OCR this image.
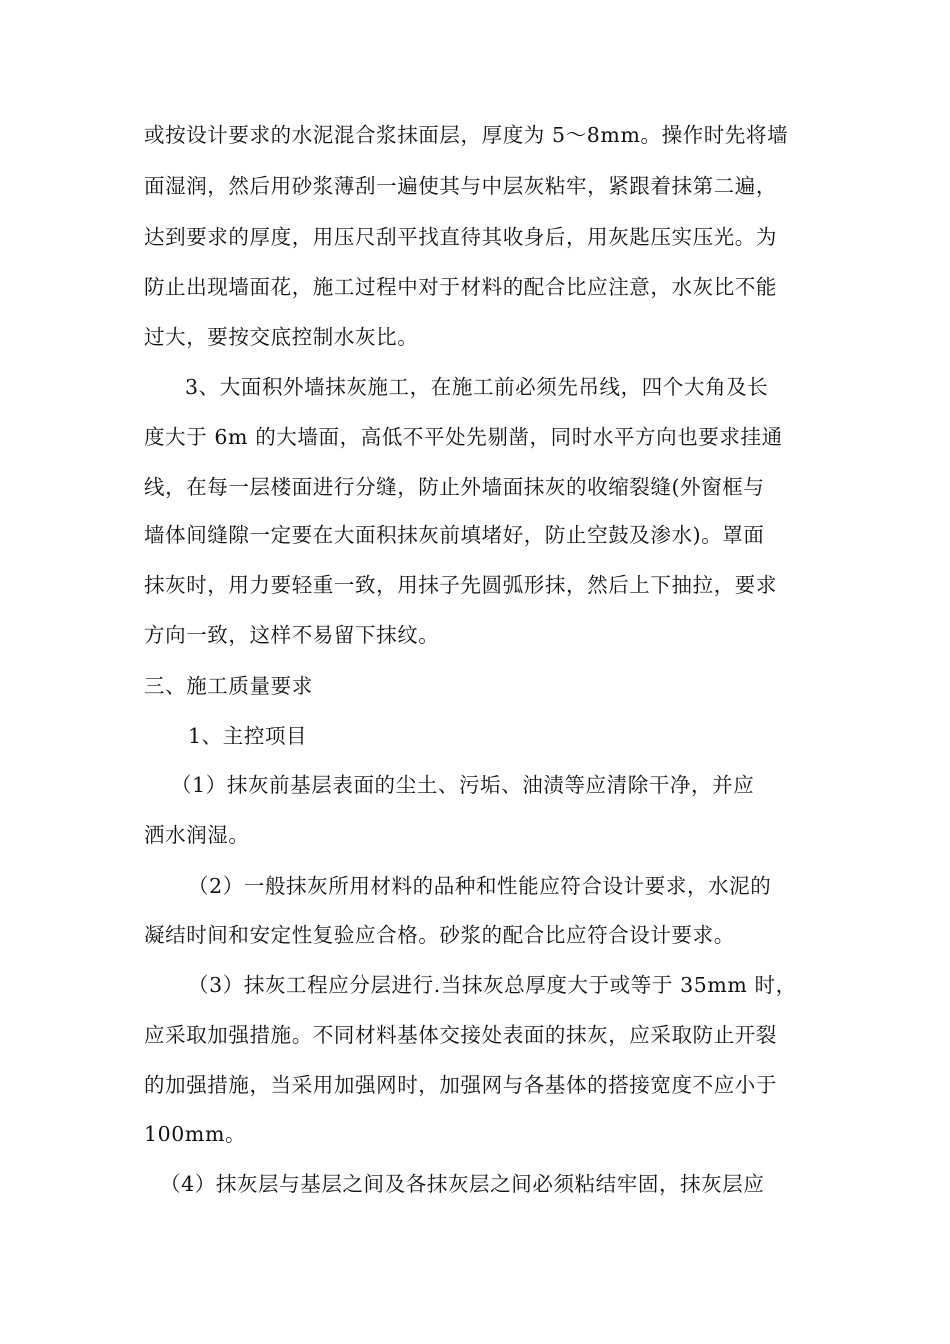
或按设计要求的水泥混合浆抹面层，厚度为 5～8mm。操作时先将墙
面湿润，然后用砂浆薄刮一遍使其与中层灰粘牢，紧跟着抹第二遍，
达到要求的厚度，用压尺刮平找直待其收身后，用灰匙压实压光。为
防止出现墙面花，施工过程中对于材料的配合比应注意，水灰比不能
过大，要按交底控制水灰比。
3、大面积外墙抹灰施工，在施工前必须先吊线，四个大角及长
度大于 6m 的大墙面，高低不平处先剔凿，同时水平方向也要求挂通
线，在每一层楼面进行分缝，防止外墙面抹灰的收缩裂缝(外窗框与
墙体间缝隙一定要在大面积抹灰前填堵好，防止空鼓及渗水)。罩面
抹灰时，用力要轻重一致，用抹子先圆弧形抹，然后上下抽拉，要求
方向一致，这样不易留下抹纹。
三、施工质量要求
1、主控项目
（1）抹灰前基层表面的尘土、污垢、油渍等应清除干净，并应
洒水润湿。
（2）一般抹灰所用材料的品种和性能应符合设计要求，水泥的
凝结时间和安定性复验应合格。砂浆的配合比应符合设计要求。
（3）抹灰工程应分层进行.当抹灰总厚度大于或等于 35mm 时，
应采取加强措施。不同材料基体交接处表面的抹灰，应采取防止开裂
的加强措施，当采用加强网时，加强网与各基体的搭接宽度不应小于
100mm。
（4）抹灰层与基层之间及各抹灰层之间必须粘结牢固，抹灰层应
